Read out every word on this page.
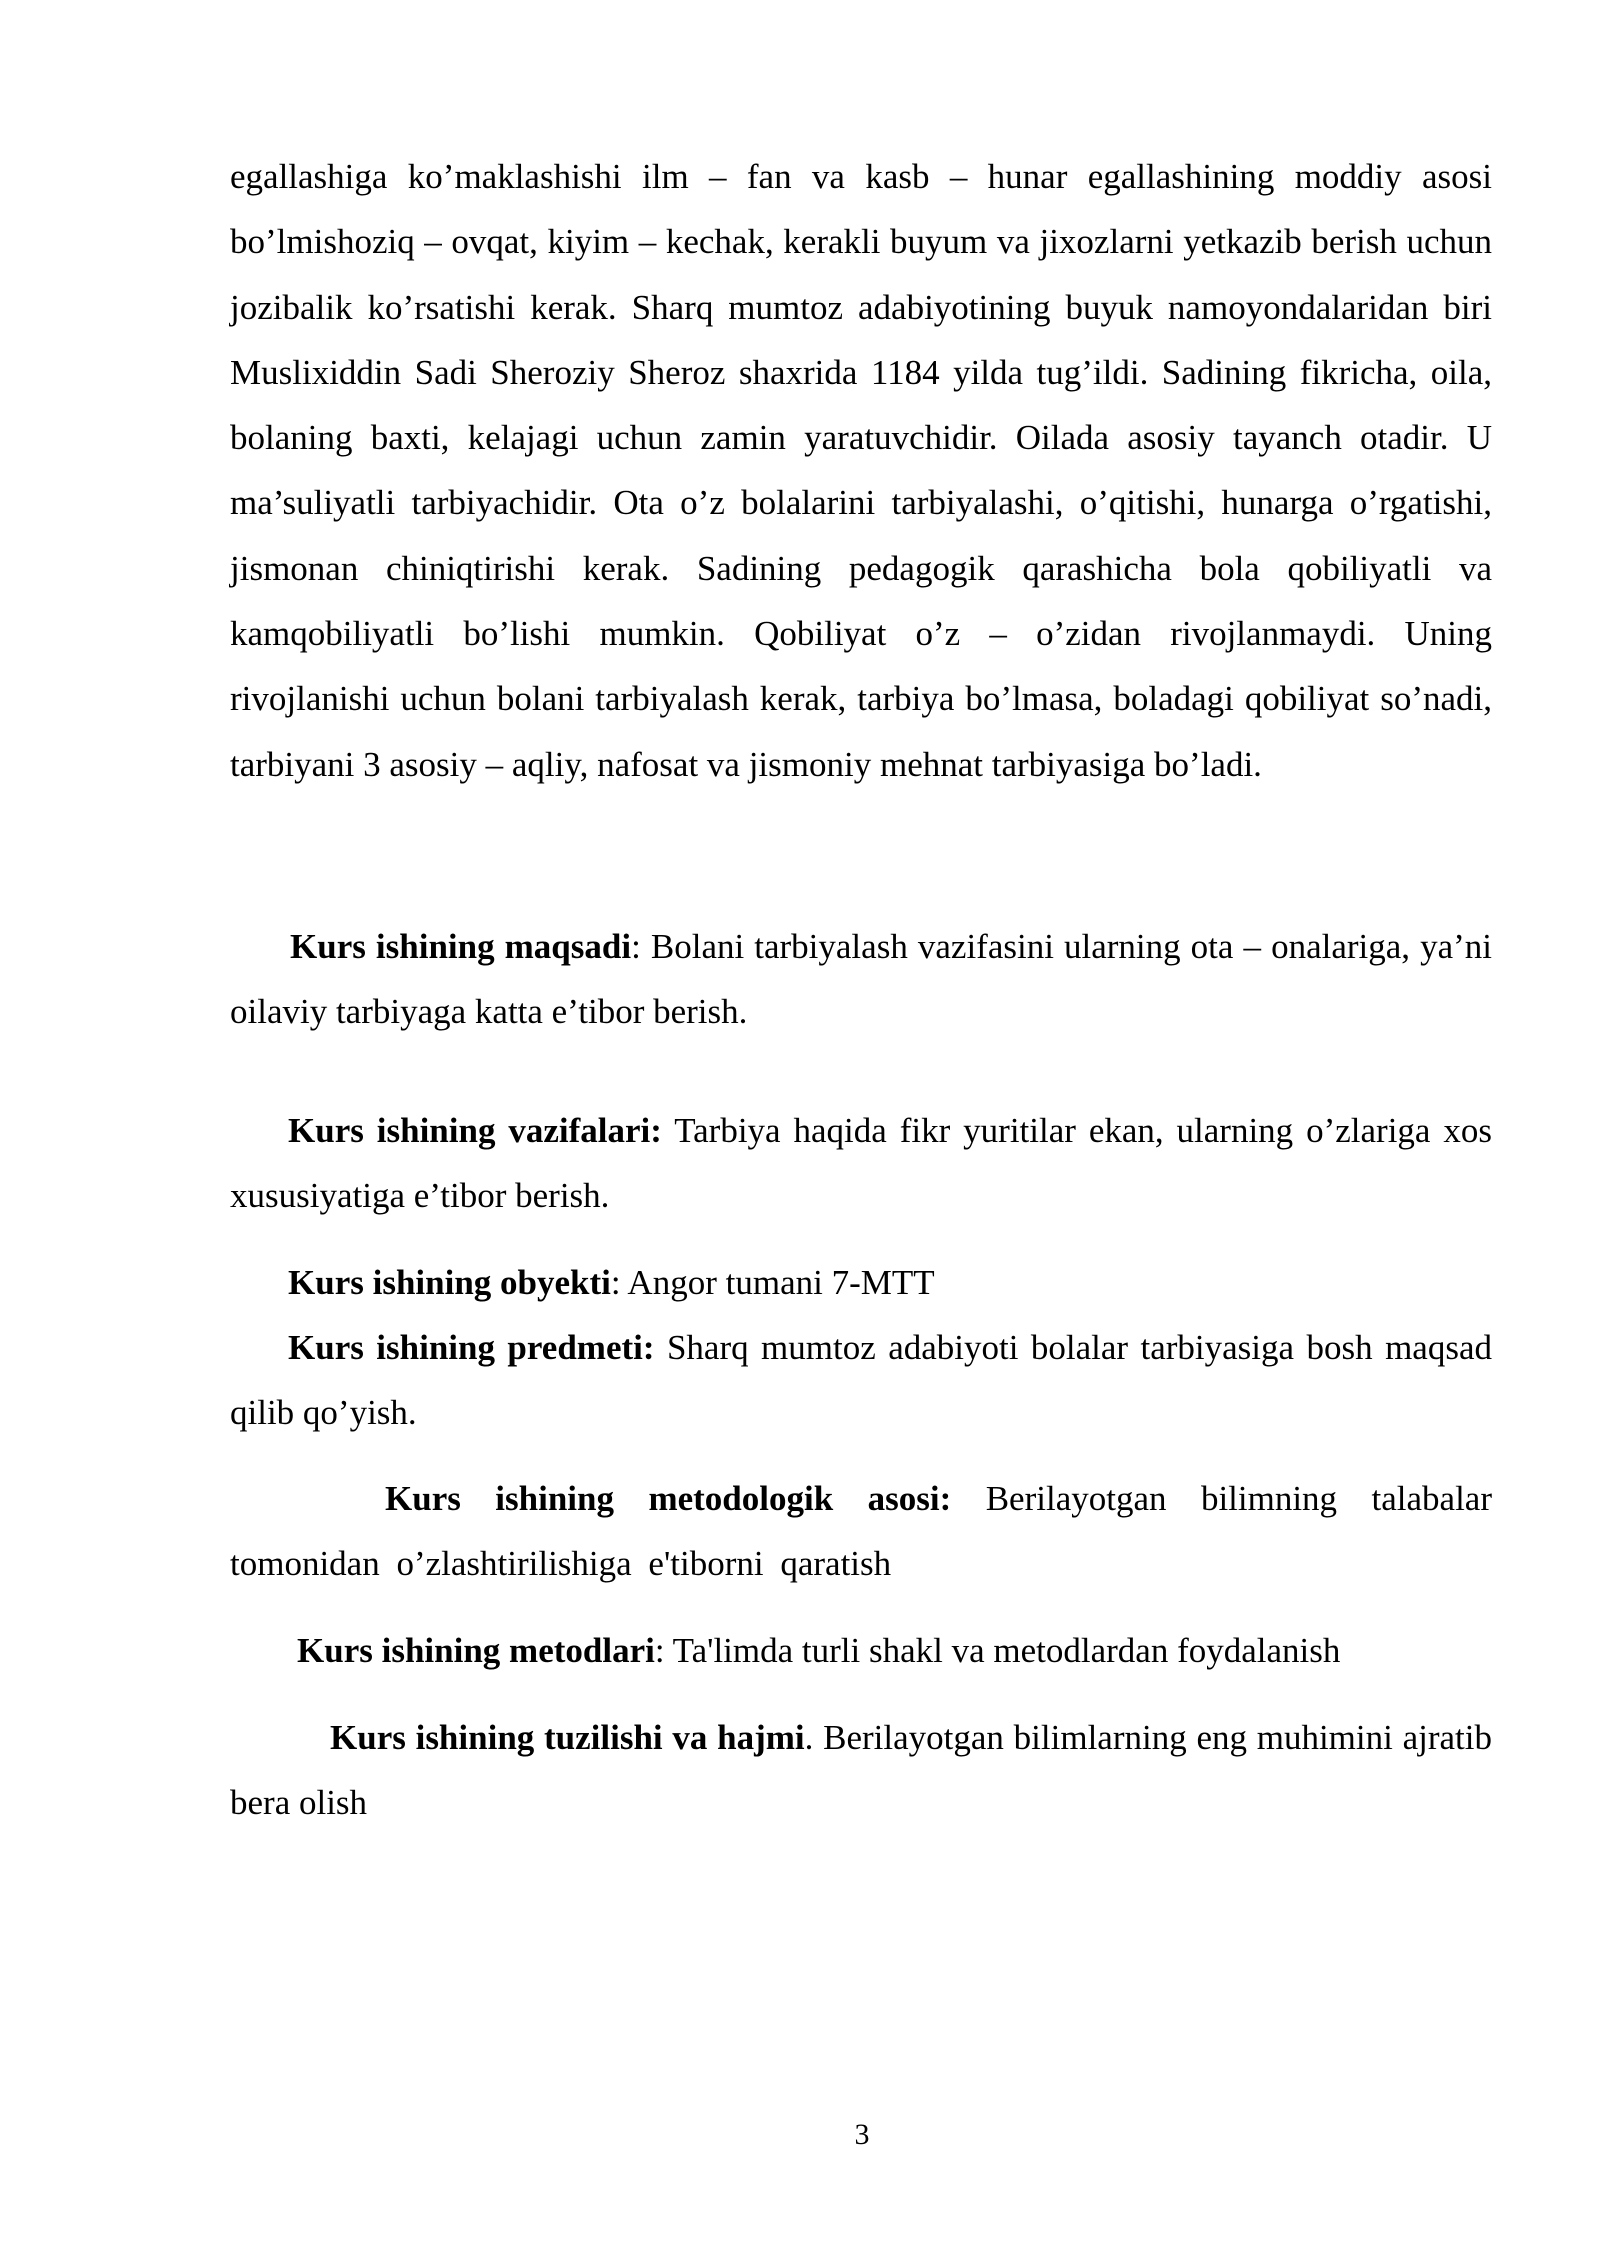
egallashiga ko’maklashishi ilm – fan va kasb – hunar egallashining moddiy asosi bo’lmishoziq – ovqat, kiyim – kechak, kerakli buyum va jixozlarni yetkazib berish uchun jozibalik ko’rsatishi kerak. Sharq mumtoz adabiyotining buyuk namoyondalaridan biri Muslixiddin Sadi Sheroziy Sheroz shaxrida 1184 yilda tug’ildi. Sadining fikricha, oila, bolaning baxti, kelajagi uchun zamin yaratuvchidir. Oilada asosiy tayanch otadir. U ma’suliyatli tarbiyachidir. Ota o’z bolalarini tarbiyalashi, o’qitishi, hunarga o’rgatishi, jismonan chiniqtirishi kerak. Sadining pedagogik qarashicha bola qobiliyatli va kamqobiliyatli bo’lishi mumkin. Qobiliyat o’z – o’zidan rivojlanmaydi. Uning rivojlanishi uchun bolani tarbiyalash kerak, tarbiya bo’lmasa, boladagi qobiliyat so’nadi, tarbiyani 3 asosiy – aqliy, nafosat va jismoniy mehnat tarbiyasiga bo’ladi.

Kurs ishining maqsadi: Bolani tarbiyalash vazifasini ularning ota – onalariga, ya’ni oilaviy tarbiyaga katta e’tibor berish.

Kurs ishining vazifalari: Tarbiya haqida fikr yuritilar ekan, ularning o’zlariga xos xususiyatiga e’tibor berish.

Kurs ishining obyekti: Angor tumani 7-MTT

Kurs ishining predmeti: Sharq mumtoz adabiyoti bolalar tarbiyasiga bosh maqsad qilib qo’yish.

Kurs ishining metodologik asosi: Berilayotgan bilimning talabalar tomonidan o’zlashtirilishiga e'tiborni qaratish

Kurs ishining metodlari: Ta'limda turli shakl va metodlardan foydalanish

Kurs ishining tuzilishi va hajmi. Berilayotgan bilimlarning eng muhimini ajratib bera olish

3
